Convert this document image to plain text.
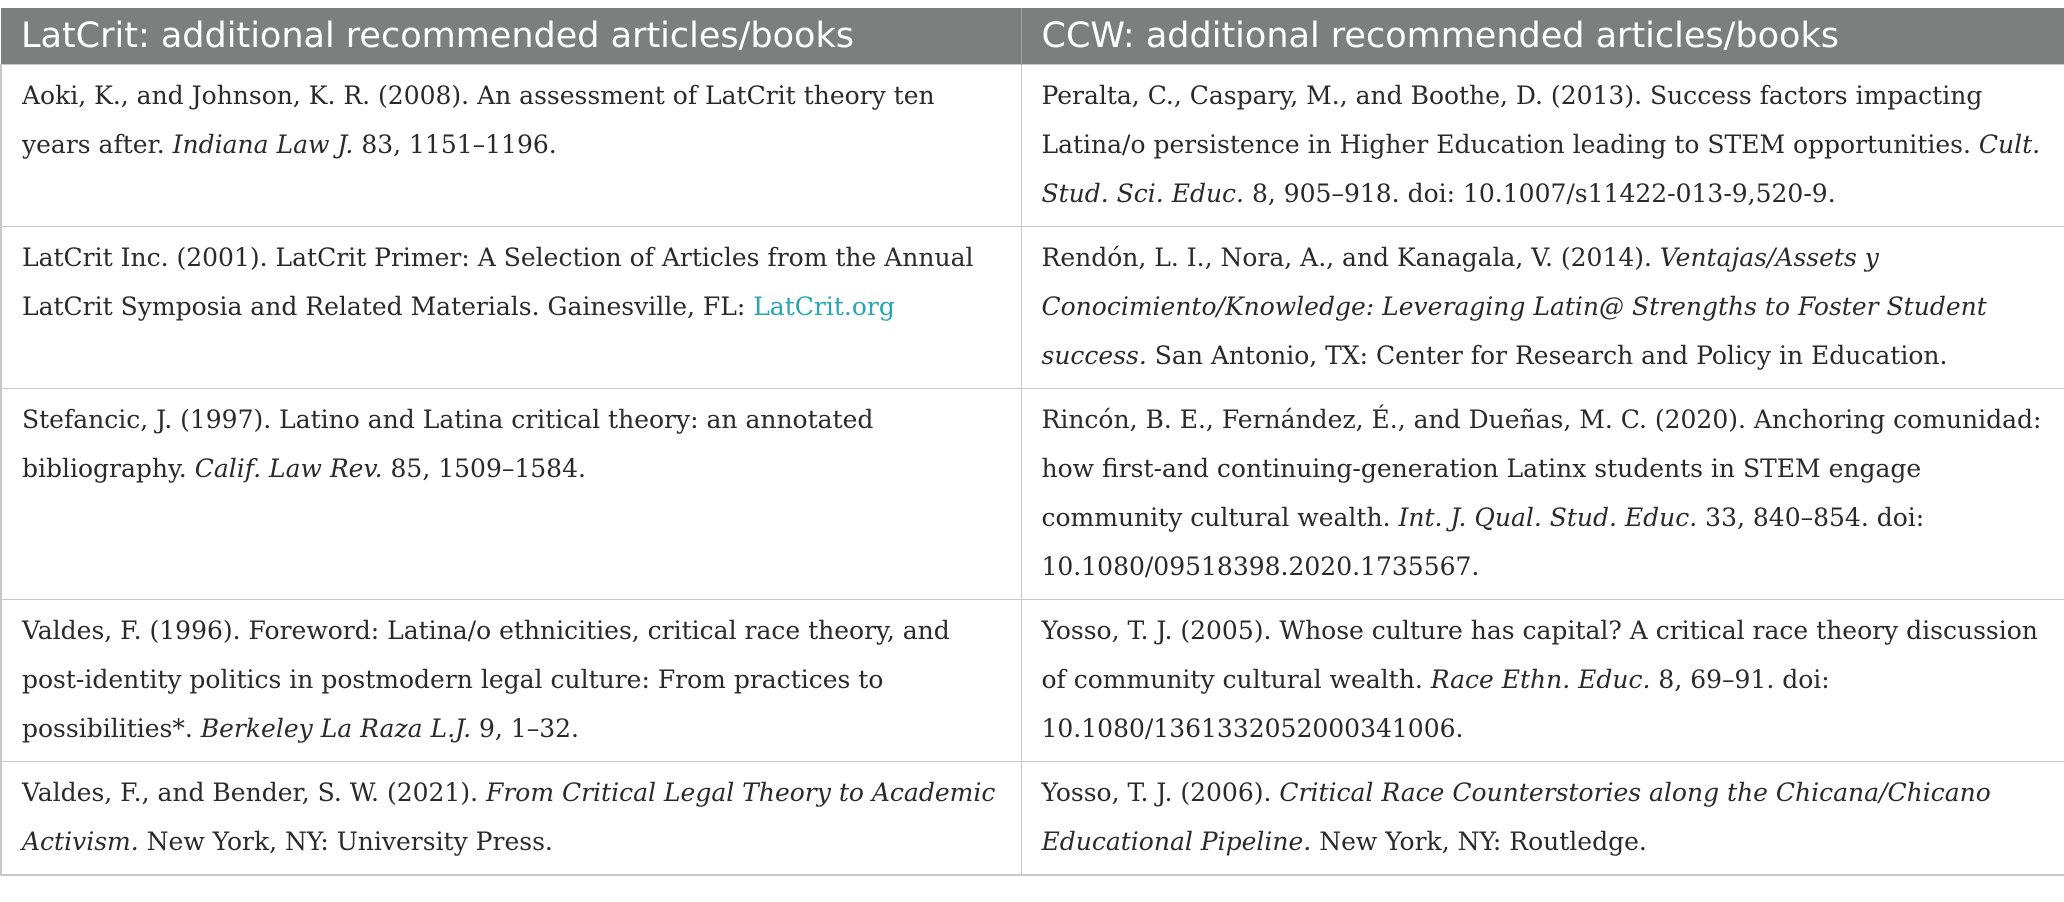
LatCrit: additional recommended articles/books	CCW: additional recommended articles/books
Aoki, K., and Johnson, K. R. (2008). An assessment of LatCrit theory ten years after. Indiana Law J. 83, 1151–1196.	Peralta, C., Caspary, M., and Boothe, D. (2013). Success factors impacting Latina/o persistence in Higher Education leading to STEM opportunities. Cult. Stud. Sci. Educ. 8, 905–918. doi: 10.1007/s11422-013-9,520-9.
LatCrit Inc. (2001). LatCrit Primer: A Selection of Articles from the Annual LatCrit Symposia and Related Materials. Gainesville, FL: LatCrit.org	Rendón, L. I., Nora, A., and Kanagala, V. (2014). Ventajas/Assets y Conocimiento/Knowledge: Leveraging Latin@ Strengths to Foster Student success. San Antonio, TX: Center for Research and Policy in Education.
Stefancic, J. (1997). Latino and Latina critical theory: an annotated bibliography. Calif. Law Rev. 85, 1509–1584.	Rincón, B. E., Fernández, É., and Dueñas, M. C. (2020). Anchoring comunidad: how first-and continuing-generation Latinx students in STEM engage community cultural wealth. Int. J. Qual. Stud. Educ. 33, 840–854. doi: 10.1080/09518398.2020.1735567.
Valdes, F. (1996). Foreword: Latina/o ethnicities, critical race theory, and post-identity politics in postmodern legal culture: From practices to possibilities*. Berkeley La Raza L.J. 9, 1–32.	Yosso, T. J. (2005). Whose culture has capital? A critical race theory discussion of community cultural wealth. Race Ethn. Educ. 8, 69–91. doi: 10.1080/1361332052000341006.
Valdes, F., and Bender, S. W. (2021). From Critical Legal Theory to Academic Activism. New York, NY: University Press.	Yosso, T. J. (2006). Critical Race Counterstories along the Chicana/Chicano Educational Pipeline. New York, NY: Routledge.
